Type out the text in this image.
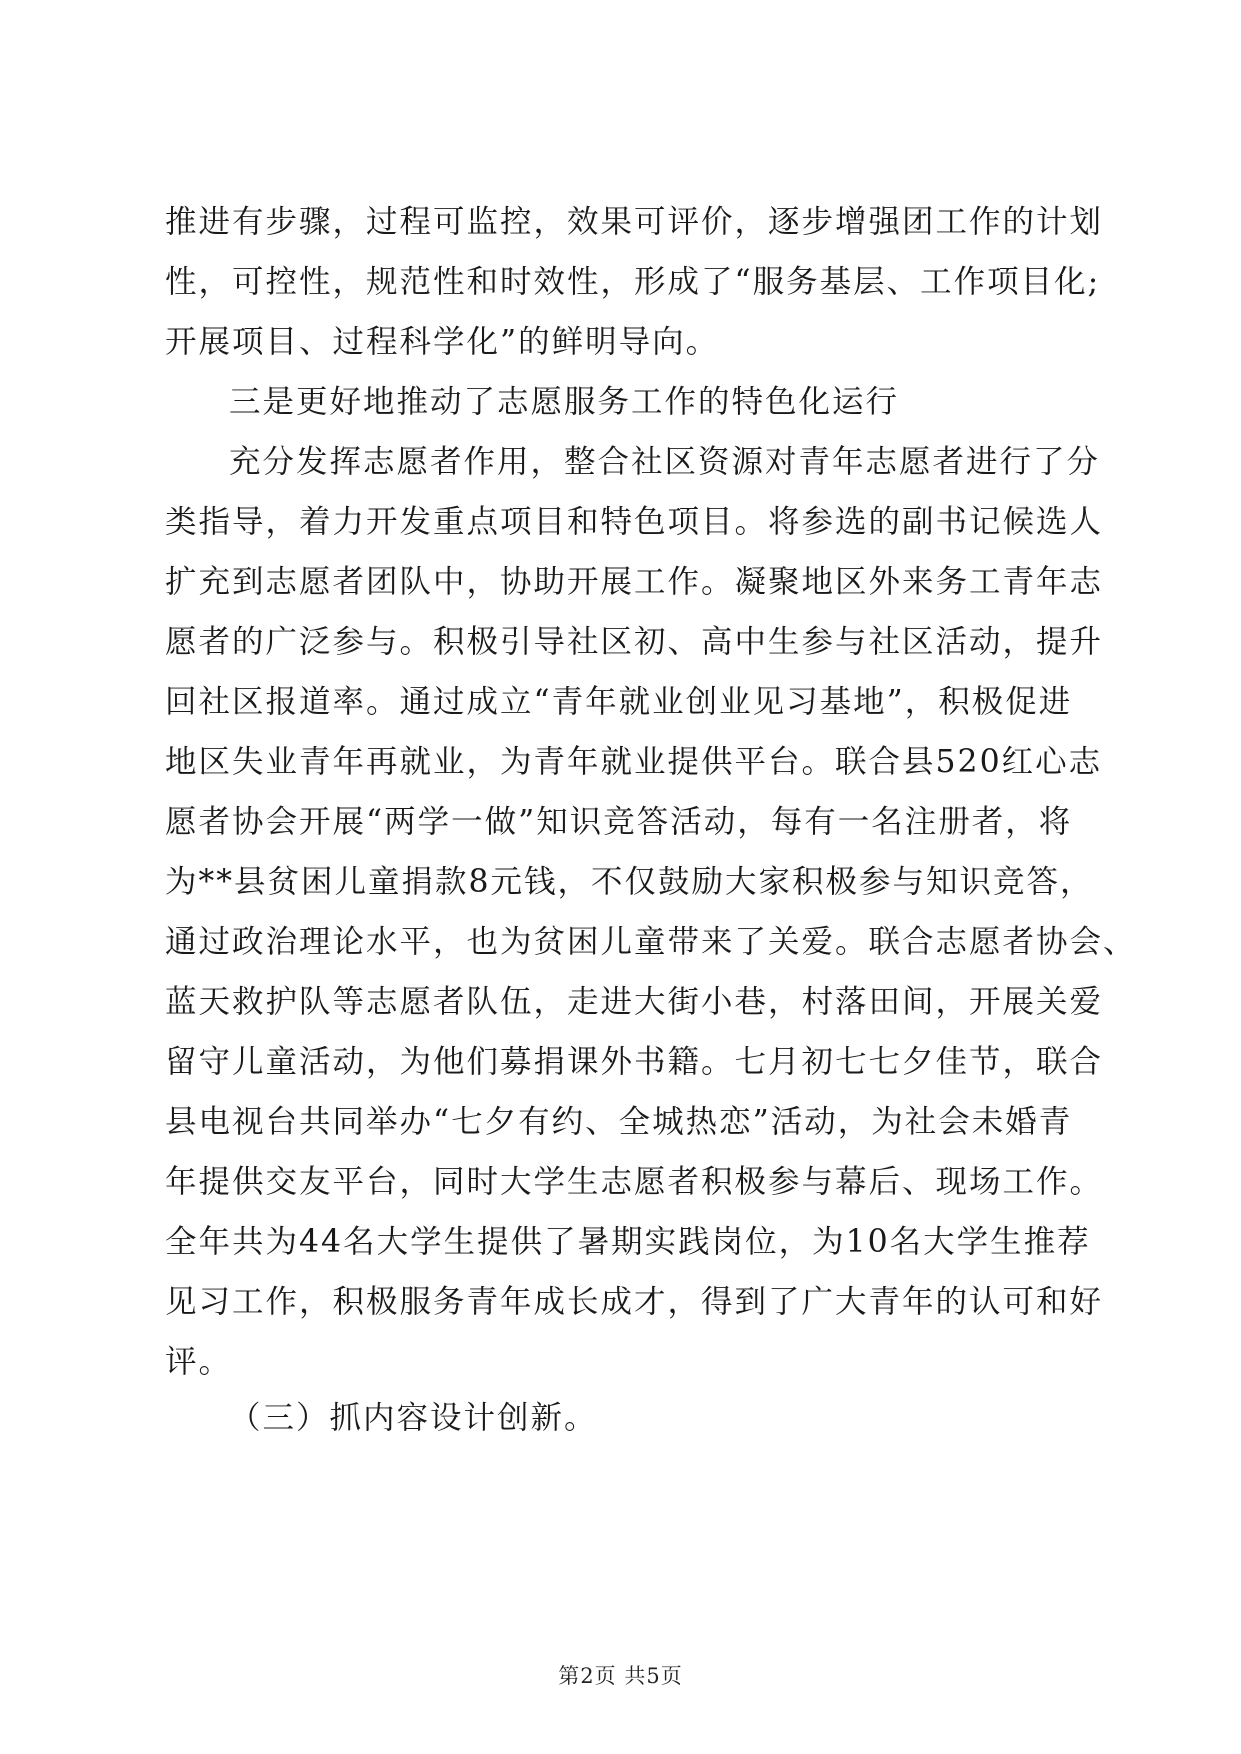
推进有步骤，过程可监控，效果可评价，逐步增强团工作的计划
性，可控性，规范性和时效性，形成了“服务基层、工作项目化;
开展项目、过程科学化”的鲜明导向。
三是更好地推动了志愿服务工作的特色化运行
充分发挥志愿者作用，整合社区资源对青年志愿者进行了分
类指导，着力开发重点项目和特色项目。将参选的副书记候选人
扩充到志愿者团队中，协助开展工作。凝聚地区外来务工青年志
愿者的广泛参与。积极引导社区初、高中生参与社区活动，提升
回社区报道率。通过成立“青年就业创业见习基地”，积极促进
地区失业青年再就业，为青年就业提供平台。联合县520红心志
愿者协会开展“两学一做”知识竞答活动，每有一名注册者，将
为**县贫困儿童捐款8元钱，不仅鼓励大家积极参与知识竞答，
通过政治理论水平，也为贫困儿童带来了关爱。联合志愿者协会、
蓝天救护队等志愿者队伍，走进大街小巷，村落田间，开展关爱
留守儿童活动，为他们募捐课外书籍。七月初七七夕佳节，联合
县电视台共同举办“七夕有约、全城热恋”活动，为社会未婚青
年提供交友平台，同时大学生志愿者积极参与幕后、现场工作。
全年共为44名大学生提供了暑期实践岗位，为10名大学生推荐
见习工作，积极服务青年成长成才，得到了广大青年的认可和好
评。
（三）抓内容设计创新。
第2页 共5页
